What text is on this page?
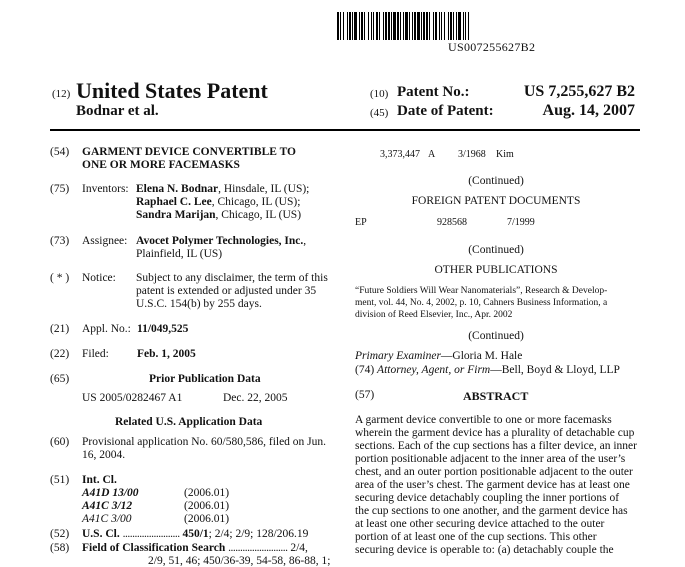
US007255627B2
(12) United States Patent
Bodnar et al.
(10) Patent No.:	US 7,255,627 B2
(45) Date of Patent:	Aug. 14, 2007
(54) GARMENT DEVICE CONVERTIBLE TO
ONE OR MORE FACEMASKS
(75) Inventors: Elena N. Bodnar, Hinsdale, IL (US);
Raphael C. Lee, Chicago, IL (US);
Sandra Marijan, Chicago, IL (US)
(73) Assignee: Avocet Polymer Technologies, Inc.,
Plainfield, IL (US)
( * ) Notice: Subject to any disclaimer, the term of this
patent is extended or adjusted under 35
U.S.C. 154(b) by 255 days.
(21) Appl. No.: 11/049,525
(22) Filed: Feb. 1, 2005
(65)	Prior Publication Data
US 2005/0282467 A1	Dec. 22, 2005
Related U.S. Application Data
(60) Provisional application No. 60/580,586, filed on Jun.
16, 2004.
(51) Int. Cl.
A41D 13/00	(2006.01)
A41C 3/12	(2006.01)
A41C 3/00	(2006.01)
(52) U.S. Cl. ........................ 450/1; 2/4; 2/9; 128/206.19
(58) Field of Classification Search ......................... 2/4,
2/9, 51, 46; 450/36-39, 54-58, 86-88, 1;
3,373,447 A 3/1968 Kim
(Continued)
FOREIGN PATENT DOCUMENTS
EP	928568	7/1999
(Continued)
OTHER PUBLICATIONS
“Future Soldiers Will Wear Nanomaterials”, Research & Develop-
ment, vol. 44, No. 4, 2002, p. 10, Cahners Business Information, a
division of Reed Elsevier, Inc., Apr. 2002
(Continued)
Primary Examiner—Gloria M. Hale
(74) Attorney, Agent, or Firm—Bell, Boyd & Lloyd, LLP
(57)	ABSTRACT
A garment device convertible to one or more facemasks
wherein the garment device has a plurality of detachable cup
sections. Each of the cup sections has a filter device, an inner
portion positionable adjacent to the inner area of the user’s
chest, and an outer portion positionable adjacent to the outer
area of the user’s chest. The garment device has at least one
securing device detachably coupling the inner portions of
the cup sections to one another, and the garment device has
at least one other securing device attached to the outer
portion of at least one of the cup sections. This other
securing device is operable to: (a) detachably couple the
